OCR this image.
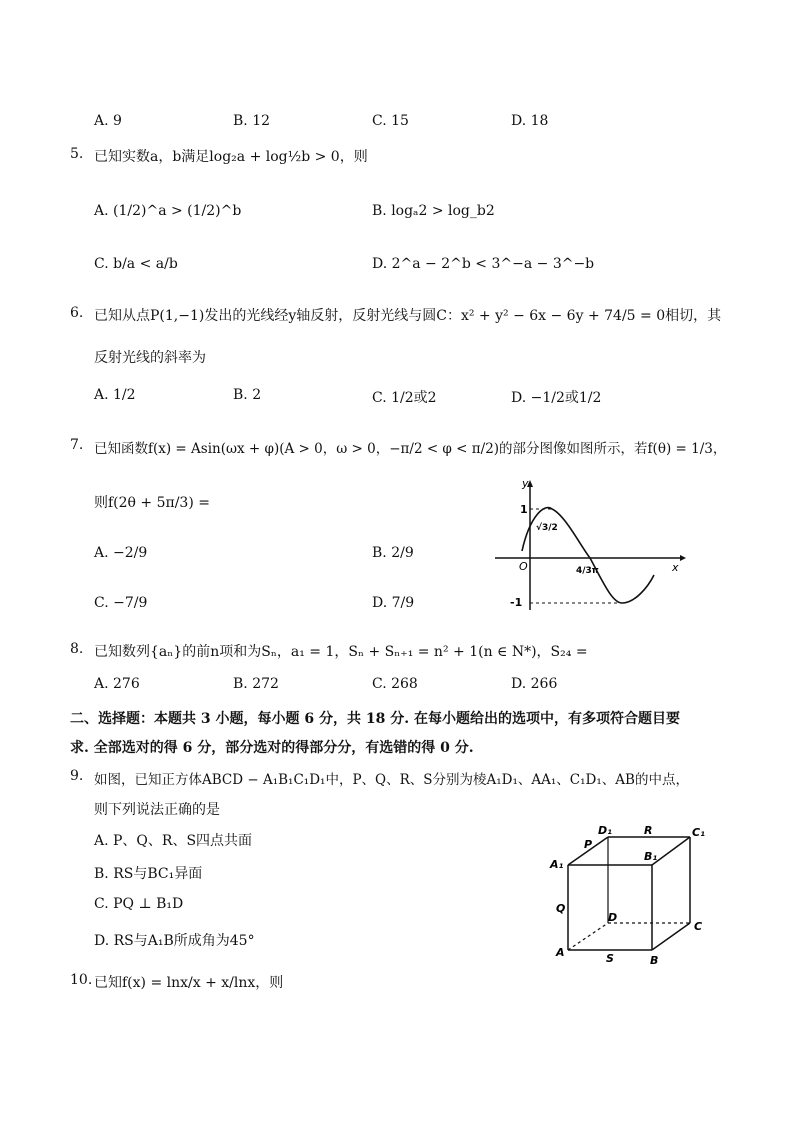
A. 9	B. 12	C. 15	D. 18
5. 已知实数a，b满足log₂a + log½b > 0，则
A. (1/2)^a > (1/2)^b	B. logₐ2 > log_b2
C. b/a < a/b	D. 2^a − 2^b < 3^−a − 3^−b
6. 已知从点P(1,−1)发出的光线经y轴反射，反射光线与圆C：x² + y² − 6x − 6y + 74/5 = 0相切，其
反射光线的斜率为
A. 1/2	B. 2	C. 1/2或2	D. −1/2或1/2
7. 已知函数f(x) = Asin(ωx + φ)(A > 0，ω > 0，−π/2 < φ < π/2)的部分图像如图所示，若f(θ) = 1/3，
则f(2θ + 5π/3) =
A. −2/9	B. 2/9
C. −7/9	D. 7/9
y
x
O
1
-1
√3/2
4/3π
8. 已知数列{aₙ}的前n项和为Sₙ，a₁ = 1，Sₙ + Sₙ₊₁ = n² + 1(n ∈ N*)，S₂₄ =
A. 276	B. 272	C. 268	D. 266
二、选择题：本题共 3 小题，每小题 6 分，共 18 分. 在每小题给出的选项中，有多项符合题目要
求. 全部选对的得 6 分，部分选对的得部分分，有选错的得 0 分.
9. 如图，已知正方体ABCD − A₁B₁C₁D₁中，P、Q、R、S分别为棱A₁D₁、AA₁、C₁D₁、AB的中点，
则下列说法正确的是
A. P、Q、R、S四点共面
B. RS与BC₁异面
C. PQ ⊥ B₁D
D. RS与A₁B所成角为45°
D₁	R	C₁
P
A₁
B₁
Q
D
C
A	S	B
10. 已知f(x) = lnx/x + x/lnx，则
